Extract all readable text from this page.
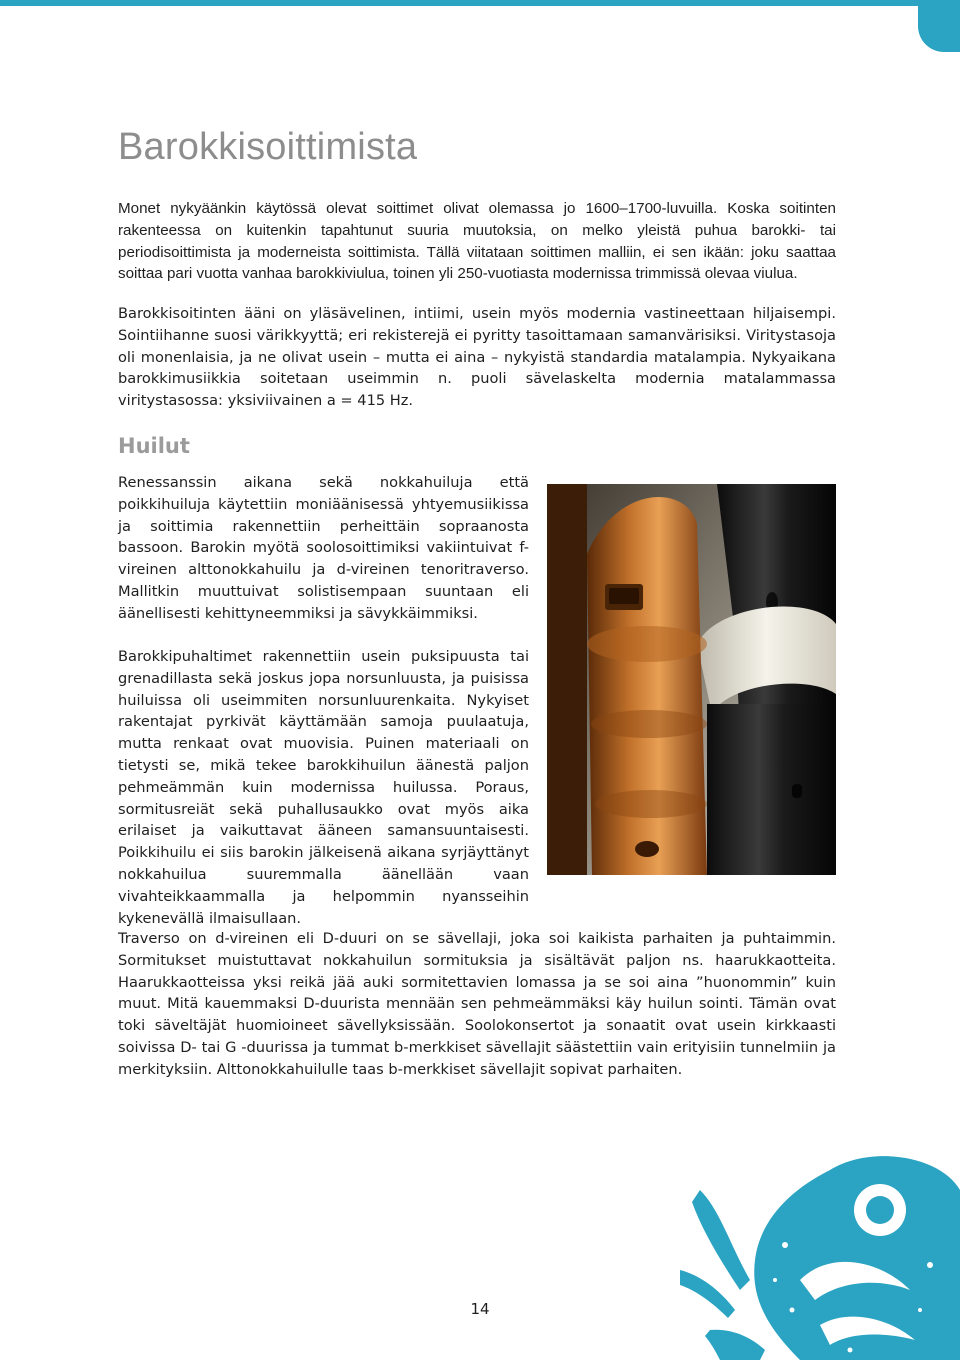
Barokkisoittimista

Monet nykyäänkin käytössä olevat soittimet olivat olemassa jo 1600–1700-luvuilla. Koska soitinten rakenteessa on kuitenkin tapahtunut suuria muutoksia, on melko yleistä puhua barokki- tai periodisoittimista ja moderneista soittimista. Tällä viitataan soittimen malliin, ei sen ikään: joku saattaa soittaa pari vuotta vanhaa barokkiviulua, toinen yli 250-vuotiasta modernissa trimmissä olevaa viulua.

Barokkisoitinten ääni on yläsävelinen, intiimi, usein myös modernia vastineettaan hiljaisempi. Sointiihanne suosi värikkyyttä; eri rekisterejä ei pyritty tasoittamaan samanvärisiksi. Viritystasoja oli monenlaisia, ja ne olivat usein – mutta ei aina – nykyistä standardia matalampia. Nykyaikana barokkimusiikkia soitetaan useimmin n. puoli sävelaskelta modernia matalammassa viritystasossa: yksiviivainen a = 415 Hz.

Huilut

Renessanssin aikana sekä nokkahuiluja että poikkihuiluja käytettiin moniäänisessä yhtyemusiikissa ja soittimia rakennettiin perheittäin sopraanosta bassoon. Barokin myötä soolosoittimiksi vakiintuivat f-vireinen alttonokkahuilu ja d-vireinen tenoritraverso. Mallitkin muuttuivat solistisempaan suuntaan eli äänellisesti kehittyneemmiksi ja sävykkäimmiksi.

Barokkipuhaltimet rakennettiin usein puksipuusta tai grenadillasta sekä joskus jopa norsunluusta, ja puisissa huiluissa oli useimmiten norsunluurenkaita. Nykyiset rakentajat pyrkivät käyttämään samoja puulaatuja, mutta renkaat ovat muovisia. Puinen materiaali on tietysti se, mikä tekee barokkihuilun äänestä paljon pehmeämmän kuin modernissa huilussa. Poraus, sormitusreiät sekä puhallusaukko ovat myös aika erilaiset ja vaikuttavat ääneen samansuuntaisesti. Poikkihuilu ei siis barokin jälkeisenä aikana syrjäyttänyt nokkahuilua suuremmalla äänellään vaan vivahteikkaammalla ja helpommin nyansseihin kykenevällä ilmaisullaan.

Traverso on d-vireinen eli D-duuri on se sävellaji, joka soi kaikista parhaiten ja puhtaimmin. Sormitukset muistuttavat nokkahuilun sormituksia ja sisältävät paljon ns. haarukkaotteita. Haarukkaotteissa yksi reikä jää auki sormitettavien lomassa ja se soi aina ”huonommin” kuin muut. Mitä kauemmaksi D-duurista mennään sen pehmeämmäksi käy huilun sointi. Tämän ovat toki säveltäjät huomioineet sävellyksissään. Soolokonsertot ja sonaatit ovat usein kirkkaasti soivissa D- tai G -duurissa ja tummat b-merkkiset sävellajit säästettiin vain erityisiin tunnelmiin ja merkityksiin. Alttonokkahuilulle taas b-merkkiset sävellajit sopivat parhaiten.

14
